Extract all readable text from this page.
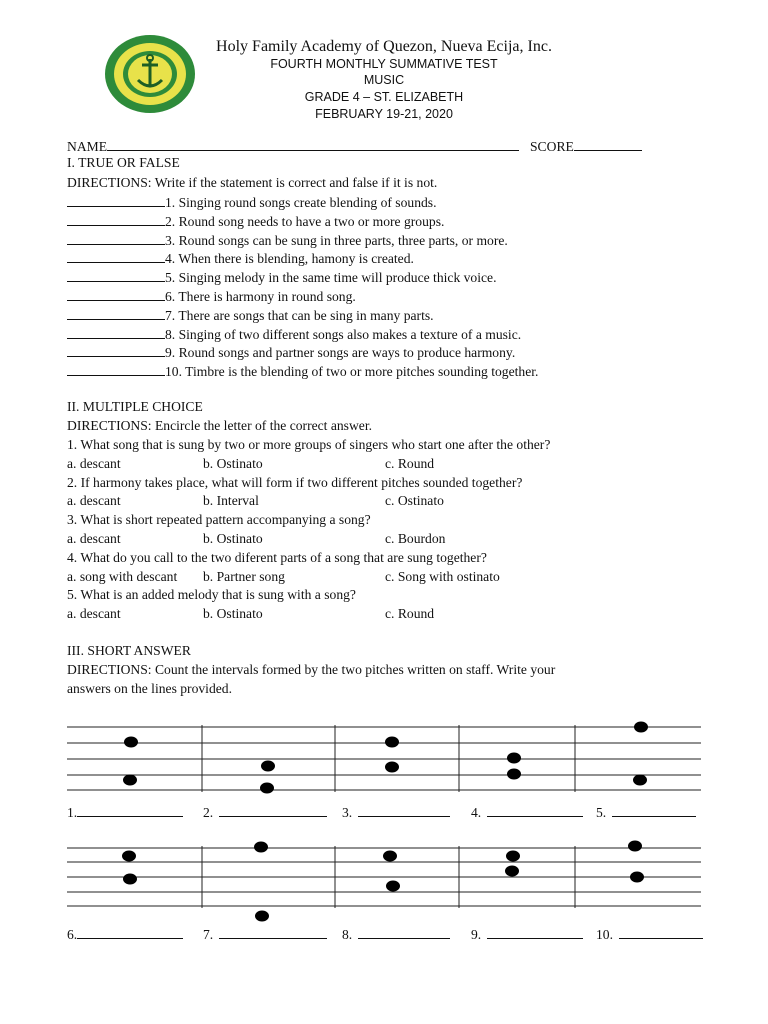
Holy Family Academy of Quezon, Nueva Ecija, Inc.
FOURTH MONTHLY SUMMATIVE TEST
MUSIC
GRADE 4 – ST. ELIZABETH
FEBRUARY 19-21, 2020
NAME	SCORE
I. TRUE OR FALSE
DIRECTIONS: Write if the statement is correct and false if it is not.
1. Singing round songs create blending of sounds.
2. Round song needs to have a two or more groups.
3. Round songs can be sung in three parts, three parts, or more.
4. When there is blending, hamony is created.
5. Singing melody in the same time will produce thick voice.
6. There is harmony in round song.
7. There are songs that can be sing in many parts.
8. Singing of two different songs also makes a texture of a music.
9. Round songs and partner songs are ways to produce harmony.
10. Timbre is the blending of two or more pitches sounding together.
II. MULTIPLE CHOICE
DIRECTIONS: Encircle the letter of the correct answer.
1. What song that is sung by two or more groups of singers who start one after the other?
a. descant	b. Ostinato	c. Round
2. If harmony takes place, what will form if two different pitches sounded together?
a. descant	b. Interval	c. Ostinato
3. What is short repeated pattern accompanying a song?
a. descant	b. Ostinato	c. Bourdon
4. What do you call to the two diferent parts of a song that are sung together?
a. song with descant b. Partner song	c. Song with ostinato
5. What is an added melody that is sung with a song?
a. descant	b. Ostinato	c. Round
III. SHORT ANSWER
DIRECTIONS: Count the intervals formed by the two pitches written on staff. Write your
answers on the lines provided.
1.	2.	3.	4.	5.
6.	7.	8.	9.	10.
